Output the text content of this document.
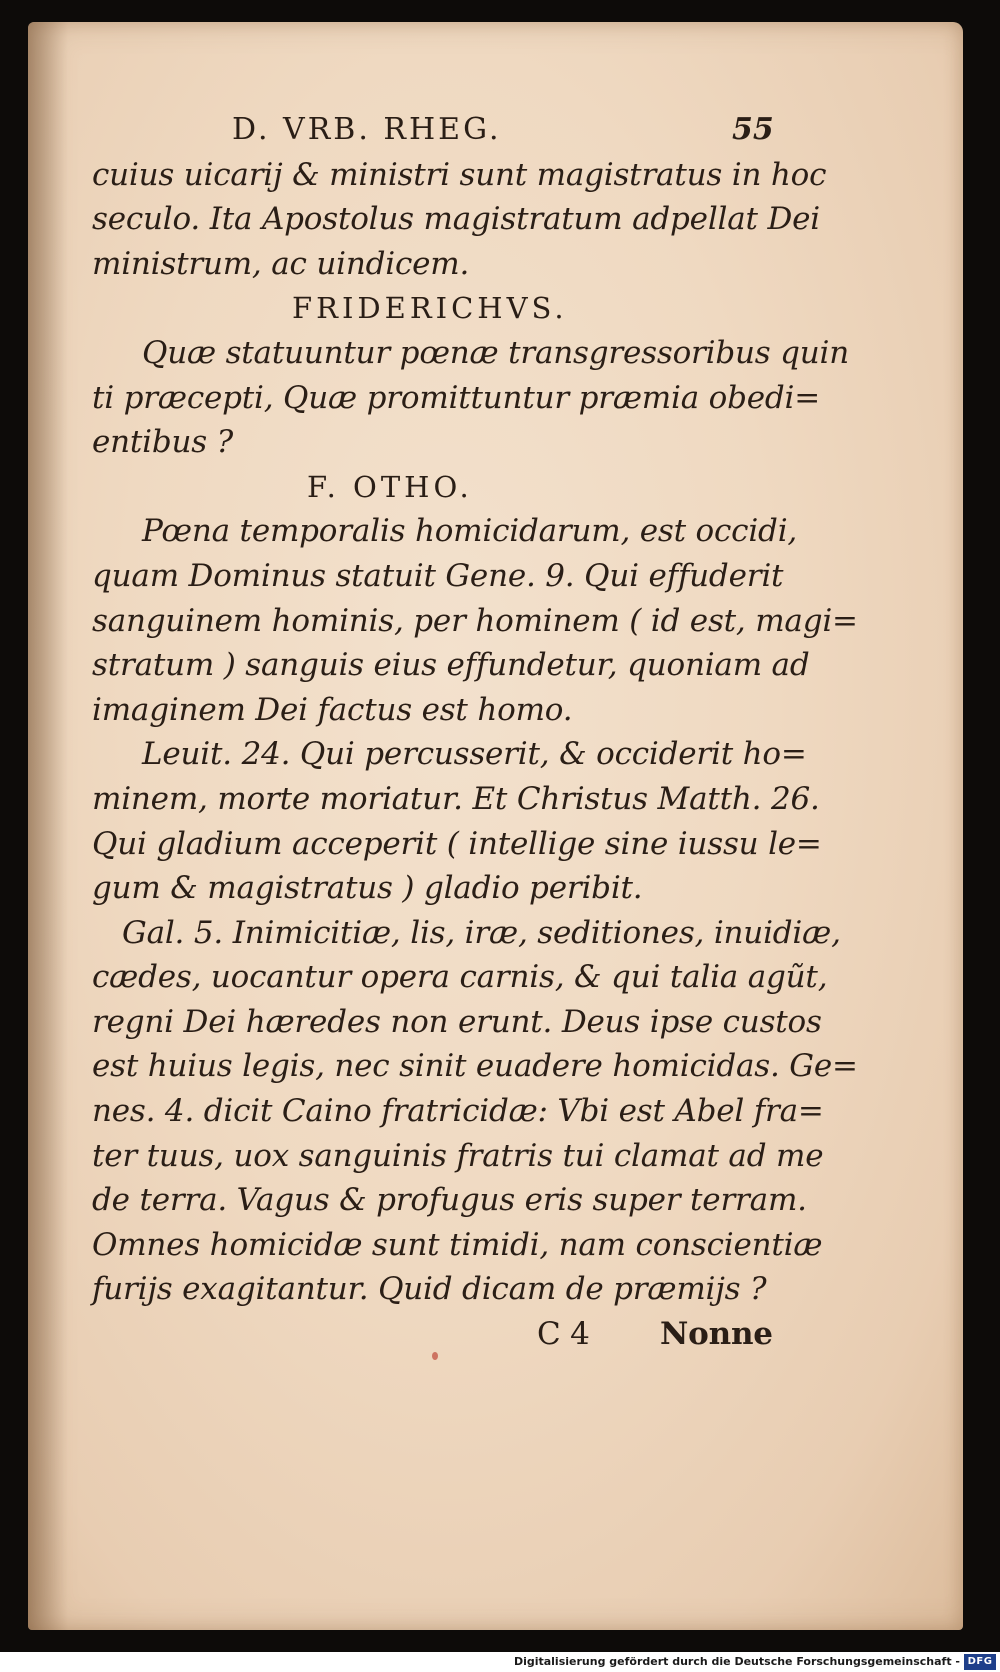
D. VRB. RHEG.	55
cuius uicarij & ministri sunt magistratus in hoc
seculo. Ita Apostolus magistratum adpellat Dei
ministrum, ac uindicem.
FRIDERICHVS.
Quæ statuuntur pœnæ transgressoribus quin
ti præcepti, Quæ promittuntur præmia obedi=
entibus ?
F. OTHO.
Pœna temporalis homicidarum, est occidi,
quam Dominus statuit Gene. 9. Qui effuderit
sanguinem hominis, per hominem ( id est, magi=
stratum ) sanguis eius effundetur, quoniam ad
imaginem Dei factus est homo.
Leuit. 24. Qui percusserit, & occiderit ho=
minem, morte moriatur. Et Christus Matth. 26.
Qui gladium acceperit ( intellige sine iussu le=
gum & magistratus ) gladio peribit.
Gal. 5. Inimicitiæ, lis, iræ, seditiones, inuidiæ,
cædes, uocantur opera carnis, & qui talia agũt,
regni Dei hæredes non erunt. Deus ipse custos
est huius legis, nec sinit euadere homicidas. Ge=
nes. 4. dicit Caino fratricidæ: Vbi est Abel fra=
ter tuus, uox sanguinis fratris tui clamat ad me
de terra. Vagus & profugus eris super terram.
Omnes homicidæ sunt timidi, nam conscientiæ
furijs exagitantur. Quid dicam de præmijs ?
C 4 Nonne
Digitalisierung gefördert durch die Deutsche Forschungsgemeinschaft - DFG
